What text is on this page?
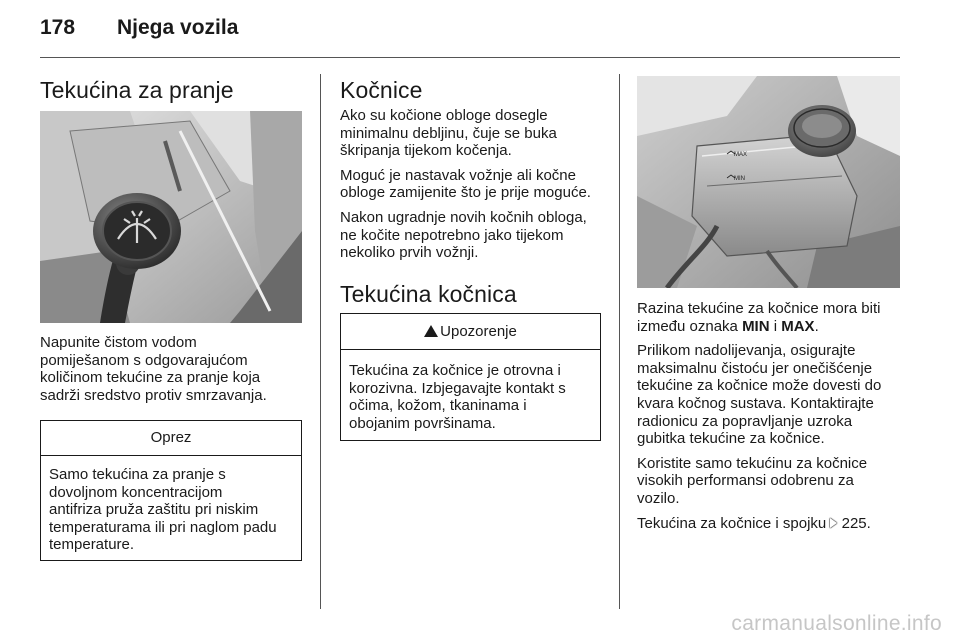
178 Njega vozila
Tekućina za pranje

Napunite čistom vodom

pomiješanom s odgovarajućom

količinom tekućine za pranje koja

sadrži sredstvo protiv smrzavanja.

Oprez
Samo tekućina za pranje s
dovoljnom koncentracijom
antifriza pruža zaštitu pri niskim
temperaturama ili pri naglom padu
temperature.
Kočnice

Ako su kočione obloge dosegle

minimalnu debljinu, čuje se buka

škripanja tijekom kočenja.

Moguć je nastavak vožnje ali kočne

obloge zamijenite što je prije moguće.

Nakon ugradnje novih kočnih obloga,

ne kočite nepotrebno jako tijekom

nekoliko prvih vožnji.

Tekućina kočnica
Upozorenje
Tekućina za kočnice je otrovna i
korozivna. Izbjegavajte kontakt s
očima, kožom, tkaninama i
obojanim površinama.
MAX
MIN

Razina tekućine za kočnice mora biti

između oznaka MIN i MAX.

Prilikom nadolijevanja, osigurajte

maksimalnu čistoću jer onečišćenje

tekućine za kočnice može dovesti do

kvara kočnog sustava. Kontaktirajte

radionicu za popravljanje uzroka

gubitka tekućine za kočnice.

Koristite samo tekućinu za kočnice

visokih performansi odobrenu za

vozilo.

Tekućina za kočnice i spojku  225.

carmanualsonline.info
